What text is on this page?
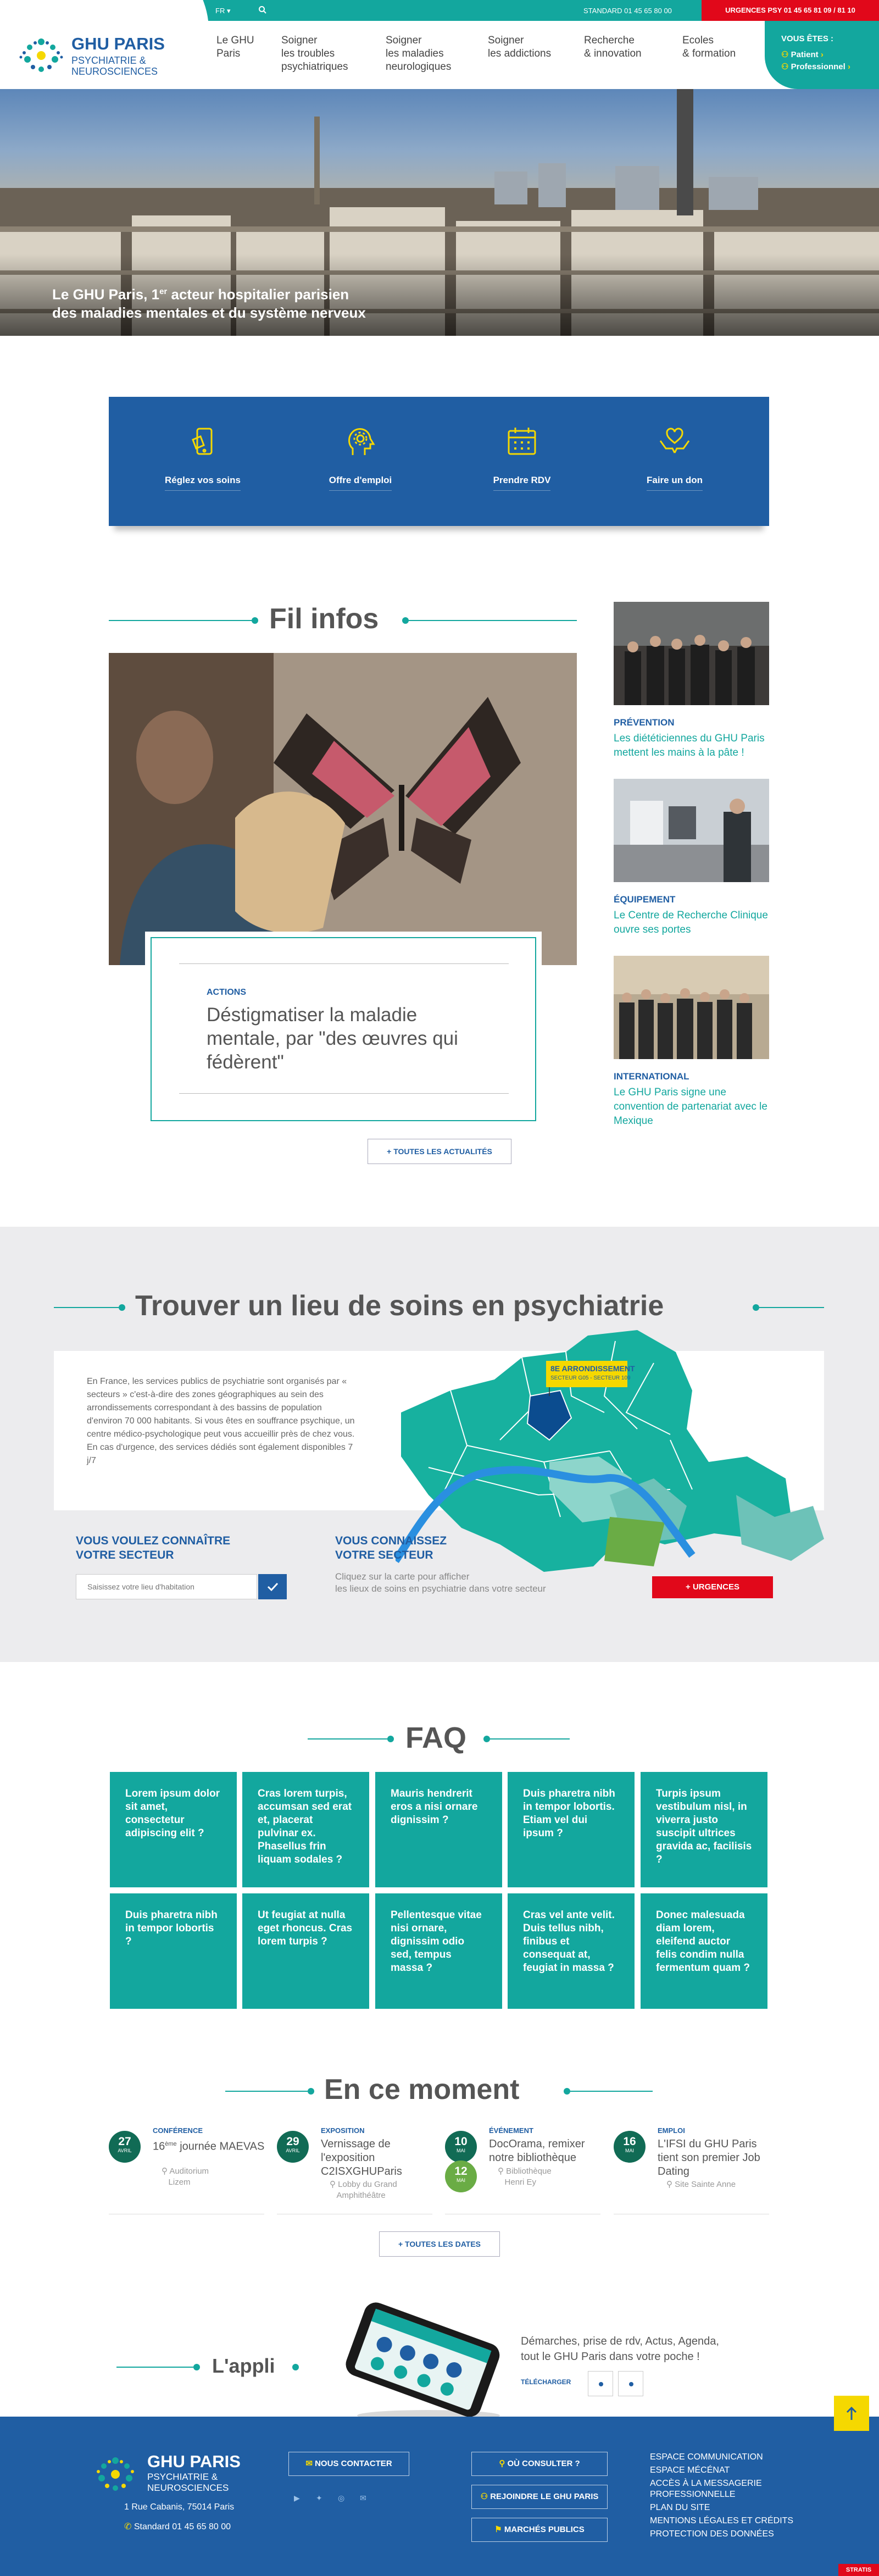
FR ▾	STANDARD 01 45 65 80 00	URGENCES PSY 01 45 65 81 09 / 81 10
GHU PARIS
PSYCHIATRIE &
NEUROSCIENCES
Le GHU
Paris
Soigner
les troubles
psychiatriques
Soigner
les maladies
neurologiques
Soigner
les addictions
Recherche
& innovation
Ecoles
& formation
VOUS ÊTES :
⚇ Patient ›
⚇ Professionnel ›
Le GHU Paris, 1er acteur hospitalier parisien
des maladies mentales et du système nerveux
Réglez vos soins	Offre d'emploi	Prendre RDV	Faire un don
Fil infos
ACTIONS
Déstigmatiser la maladie mentale, par "des œuvres qui fédèrent"
PRÉVENTION
Les diététiciennes du GHU Paris mettent les mains à la pâte !
ÉQUIPEMENT
Le Centre de Recherche Clinique ouvre ses portes
INTERNATIONAL
Le GHU Paris signe une convention de partenariat avec le Mexique
+ TOUTES LES ACTUALITÉS
Trouver un lieu de soins en psychiatrie
En France, les services publics de psychiatrie sont organisés par « secteurs » c'est-à-dire des zones géographiques au sein des arrondissements correspondant à des bassins de population d'environ 70 000 habitants. Si vous êtes en souffrance psychique, un centre médico-psychologique peut vous accueillir près de chez vous. En cas d'urgence, des services dédiés sont également disponibles 7 j/7
8E ARRONDISSEMENT
SECTEUR G05 - SECTEUR 109
VOUS VOULEZ CONNAÎTRE
VOTRE SECTEUR
Saisissez votre lieu d'habitation
VOUS CONNAISSEZ
VOTRE SECTEUR
Cliquez sur la carte pour afficher
les lieux de soins en psychiatrie dans votre secteur	+ URGENCES
FAQ
Lorem ipsum dolor sit amet, consectetur adipiscing elit ?
Cras lorem turpis, accumsan sed erat et, placerat pulvinar ex. Phasellus frin liquam sodales ?
Mauris hendrerit eros a nisi ornare dignissim ?
Duis pharetra nibh in tempor lobortis. Etiam vel dui ipsum ?
Turpis ipsum vestibulum nisl, in viverra justo suscipit ultrices gravida ac, facilisis ?
Duis pharetra nibh in tempor lobortis ?
Ut feugiat at nulla eget rhoncus. Cras lorem turpis ?
Pellentesque vitae nisi ornare, dignissim odio sed, tempus massa ?
Cras vel ante velit. Duis tellus nibh, finibus et consequat at, feugiat in massa ?
Donec malesuada diam lorem, eleifend auctor felis condim nulla fermentum quam ?
En ce moment
27
AVRIL
CONFÉRENCE
16ème journée MAEVAS
⚲ Auditorium
Lizem
29
AVRIL
EXPOSITION
Vernissage de l'exposition C2ISXGHUParis
⚲ Lobby du Grand
Amphithéâtre
10
MAI
12
MAI
ÉVÉNEMENT
DocOrama, remixer notre bibliothèque
⚲ Bibliothèque
Henri Ey
16
MAI
EMPLOI
L'IFSI du GHU Paris tient son premier Job Dating
⚲ Site Sainte Anne
+ TOUTES LES DATES
L'appli
Démarches, prise de rdv, Actus, Agenda,
tout le GHU Paris dans votre poche !
TÉLÉCHARGER
GHU PARIS
PSYCHIATRIE &
NEUROSCIENCES
1 Rue Cabanis, 75014 Paris
✆ Standard 01 45 65 80 00
✉ NOUS CONTACTER
▶ ✦ ◎ ✉
⚲ OÙ CONSULTER ?
⚇ REJOINDRE LE GHU PARIS
⚑ MARCHÉS PUBLICS
ESPACE COMMUNICATION
ESPACE MÉCÉNAT
ACCÈS À LA MESSAGERIE PROFESSIONNELLE
PLAN DU SITE
MENTIONS LÉGALES ET CRÉDITS
PROTECTION DES DONNÉES
STRATIS
